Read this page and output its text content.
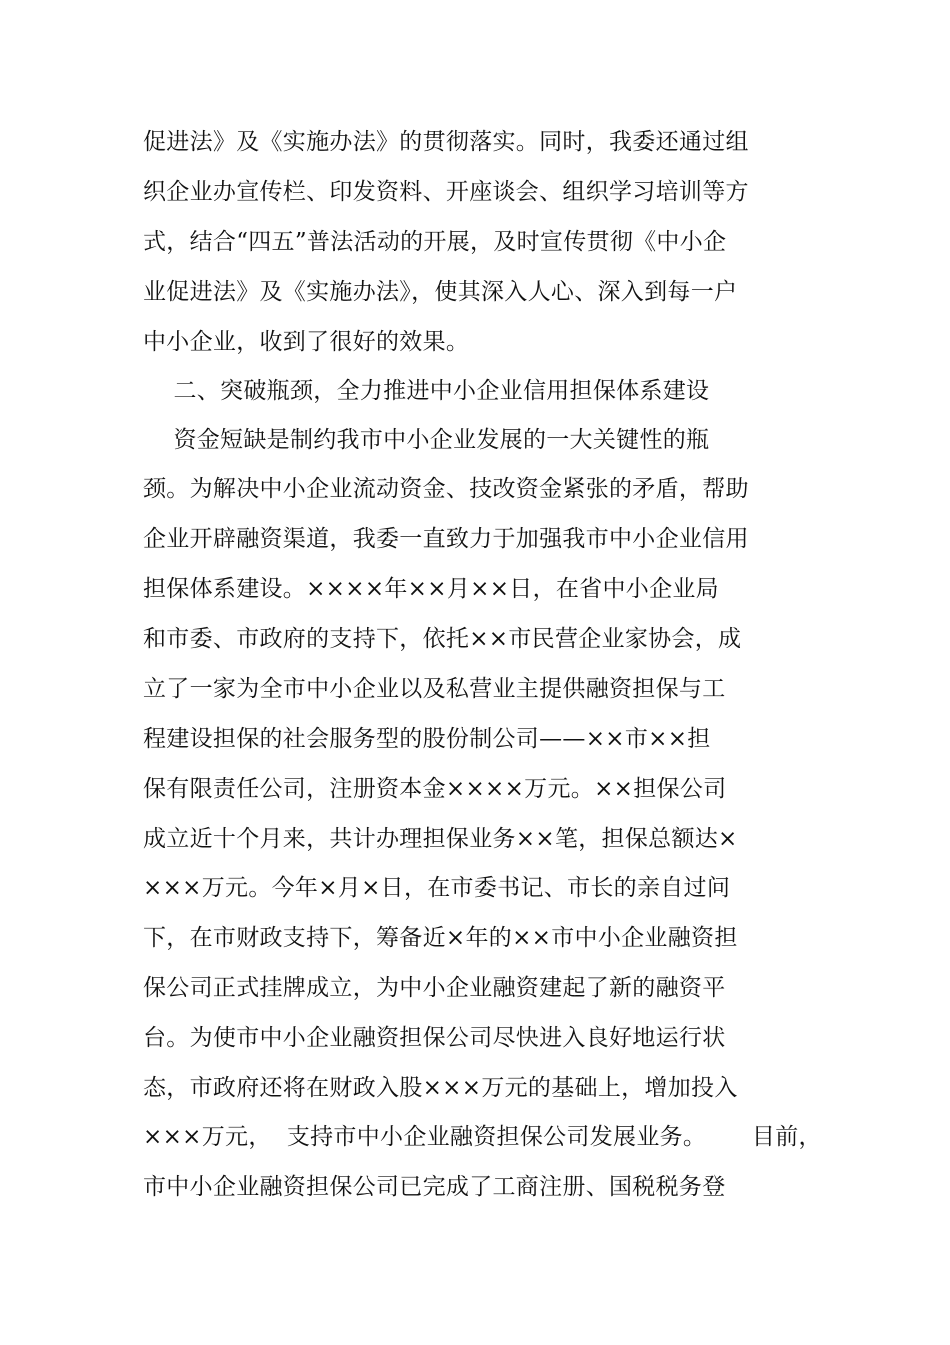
促进法》及《实施办法》的贯彻落实。同时，我委还通过组
织企业办宣传栏、印发资料、开座谈会、组织学习培训等方
式，结合“四五”普法活动的开展，及时宣传贯彻《中小企
业促进法》及《实施办法》，使其深入人心、深入到每一户
中小企业，收到了很好的效果。
二、突破瓶颈，全力推进中小企业信用担保体系建设
资金短缺是制约我市中小企业发展的一大关键性的瓶
颈。为解决中小企业流动资金、技改资金紧张的矛盾，帮助
企业开辟融资渠道，我委一直致力于加强我市中小企业信用
担保体系建设。××××年××月××日，在省中小企业局
和市委、市政府的支持下，依托××市民营企业家协会，成
立了一家为全市中小企业以及私营业主提供融资担保与工
程建设担保的社会服务型的股份制公司——××市××担
保有限责任公司，注册资本金××××万元。××担保公司
成立近十个月来，共计办理担保业务××笔，担保总额达×
×××万元。今年×月×日，在市委书记、市长的亲自过问
下，在市财政支持下，筹备近×年的××市中小企业融资担
保公司正式挂牌成立，为中小企业融资建起了新的融资平
台。为使市中小企业融资担保公司尽快进入良好地运行状
态，市政府还将在财政入股×××万元的基础上，增加投入
×××万元，  支持市中小企业融资担保公司发展业务。      目前，
市中小企业融资担保公司已完成了工商注册、国税税务登
